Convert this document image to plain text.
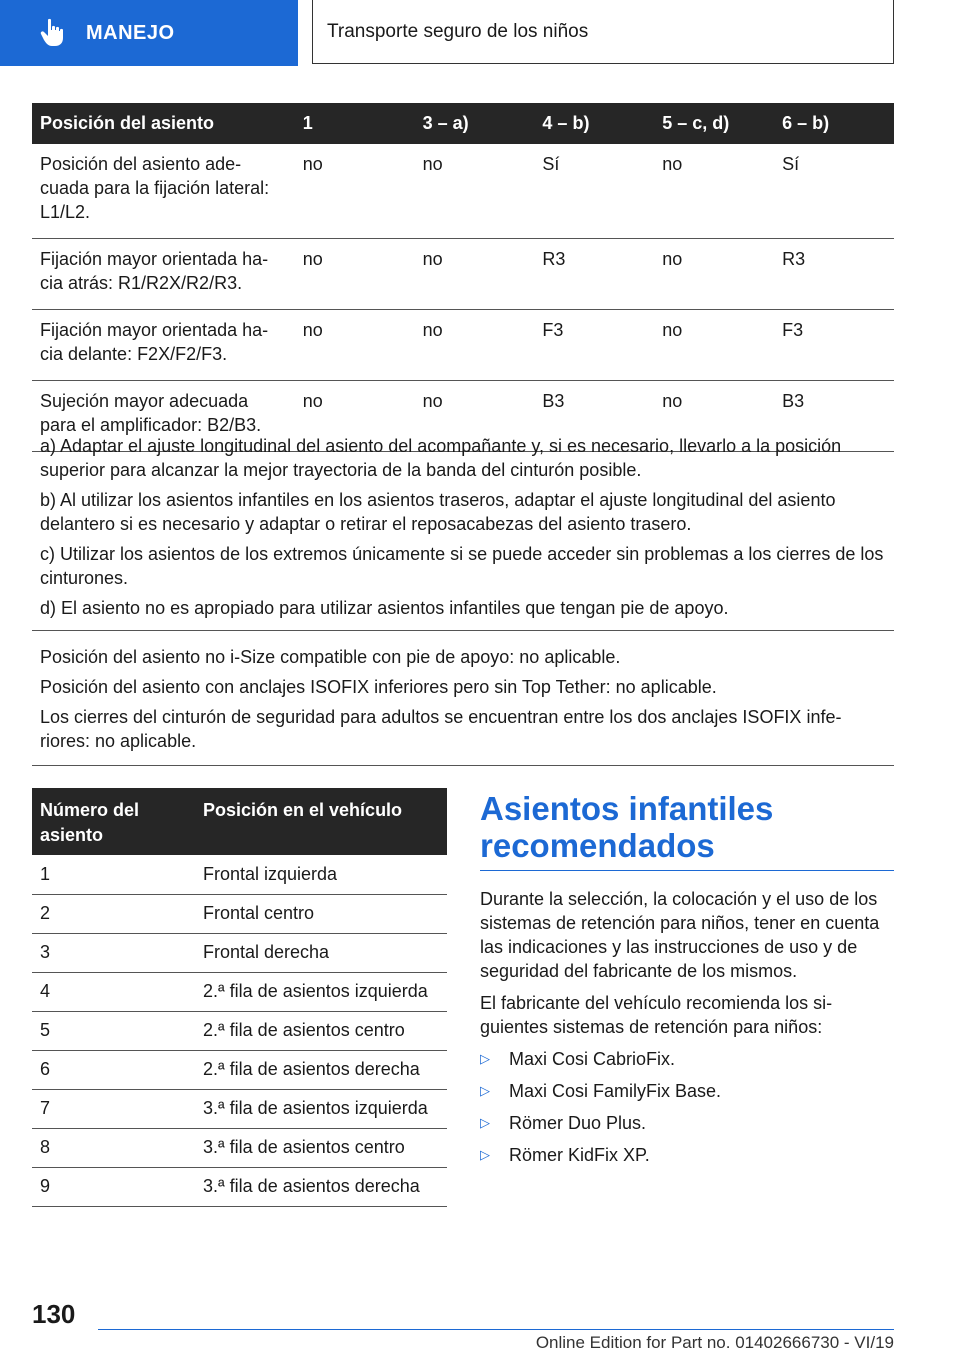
MANEJO	Transporte seguro de los niños
Posición del asiento	1	3 – a)	4 – b)	5 – c, d)	6 – b)
Posición del asiento ade-cuada para la fijación lateral: L1/L2.	no	no	Sí	no	Sí
Fijación mayor orientada ha-cia atrás: R1/R2X/R2/R3.	no	no	R3	no	R3
Fijación mayor orientada ha-cia delante: F2X/F2/F3.	no	no	F3	no	F3
Sujeción mayor adecuada para el amplificador: B2/B3.	no	no	B3	no	B3

a) Adaptar el ajuste longitudinal del asiento del acompañante y, si es necesario, llevarlo a la posición superior para alcanzar la mejor trayectoria de la banda del cinturón posible.

b) Al utilizar los asientos infantiles en los asientos traseros, adaptar el ajuste longitudinal del asiento delantero si es necesario y adaptar o retirar el reposacabezas del asiento trasero.

c) Utilizar los asientos de los extremos únicamente si se puede acceder sin problemas a los cierres de los cinturones.

d) El asiento no es apropiado para utilizar asientos infantiles que tengan pie de apoyo.

Posición del asiento no i-Size compatible con pie de apoyo: no aplicable.

Posición del asiento con anclajes ISOFIX inferiores pero sin Top Tether: no aplicable.

Los cierres del cinturón de seguridad para adultos se encuentran entre los dos anclajes ISOFIX infe-riores: no aplicable.

Número del asiento	Posición en el vehículo
1	Frontal izquierda
2	Frontal centro
3	Frontal derecha
4	2.ª fila de asientos izquierda
5	2.ª fila de asientos centro
6	2.ª fila de asientos derecha
7	3.ª fila de asientos izquierda
8	3.ª fila de asientos centro
9	3.ª fila de asientos derecha
Asientos infantiles recomendados

Durante la selección, la colocación y el uso de los sistemas de retención para niños, tener en cuenta las indicaciones y las instrucciones de uso y de seguridad del fabricante de los mismos.

El fabricante del vehículo recomienda los si-guientes sistemas de retención para niños:

▷	Maxi Cosi CabrioFix.
▷	Maxi Cosi FamilyFix Base.
▷	Römer Duo Plus.
▷	Römer KidFix XP.
130
Online Edition for Part no. 01402666730 - VI/19
